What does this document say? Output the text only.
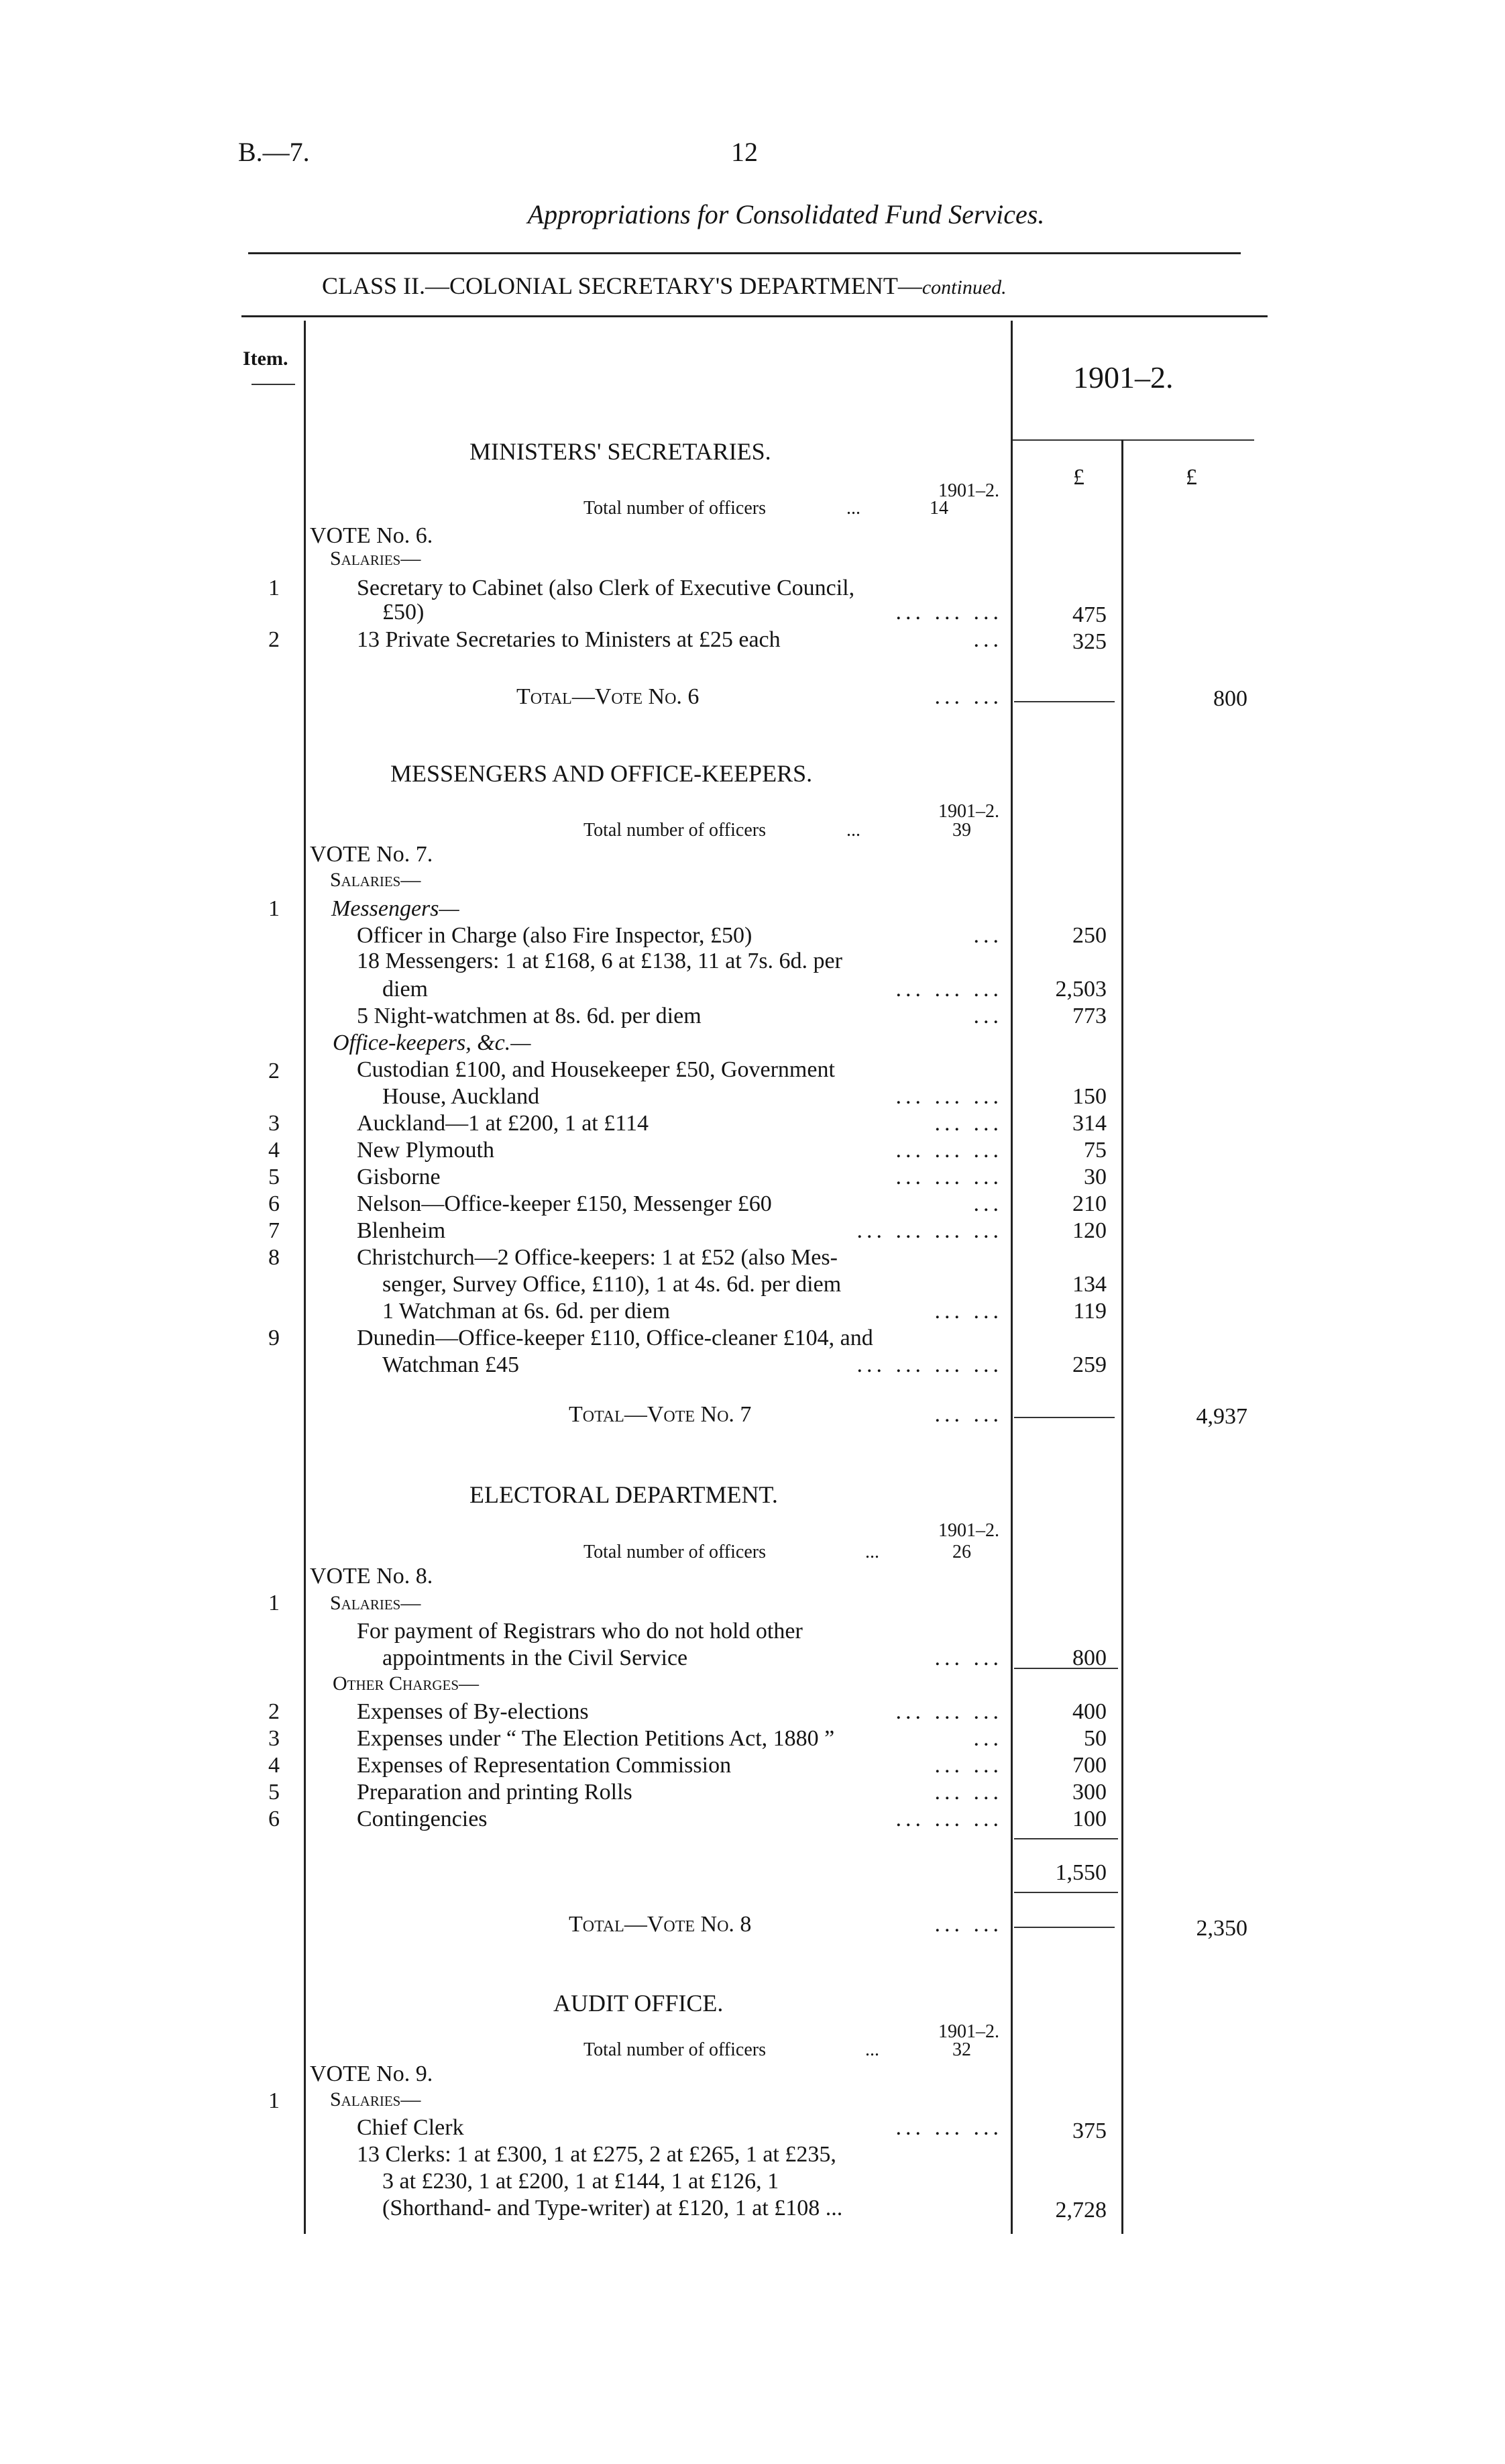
B.—7.	12
Appropriations for Consolidated Fund Services.
CLASS II.—COLONIAL SECRETARY'S DEPARTMENT—continued.
Item.
1901–2.
£	£
MINISTERS' SECRETARIES.
1901–2.
Total number of officers	...	14
VOTE No. 6.
Salaries—
1	Secretary to Cabinet (also Clerk of Executive Council,
£50)	... ... ...	475
2	13 Private Secretaries to Ministers at £25 each	...	325
Total—Vote No. 6	... ...	800
MESSENGERS AND OFFICE-KEEPERS.
1901–2.
Total number of officers	...	39
VOTE No. 7.
Salaries—
Messengers—
1
Officer in Charge (also Fire Inspector, £50)	...	250
18 Messengers: 1 at £168, 6 at £138, 11 at 7s. 6d. per
diem	... ... ...	2,503
5 Night-watchmen at 8s. 6d. per diem	...	773
Office-keepers, &c.—
2	Custodian £100, and Housekeeper £50, Government
House, Auckland	... ... ...	150
3	Auckland—1 at £200, 1 at £114	... ...	314
4	New Plymouth	... ... ...	75
5	Gisborne	... ... ...	30
6	Nelson—Office-keeper £150, Messenger £60	...	210
7	Blenheim	... ... ... ...	120
8	Christchurch—2 Office-keepers: 1 at £52 (also Mes-
senger, Survey Office, £110), 1 at 4s. 6d. per diem	134
1 Watchman at 6s. 6d. per diem	... ...	119
9	Dunedin—Office-keeper £110, Office-cleaner £104, and
Watchman £45	... ... ... ...	259
Total—Vote No. 7	... ...	4,937
ELECTORAL DEPARTMENT.
1901–2.
Total number of officers	...	26
VOTE No. 8.
Salaries—
1
For payment of Registrars who do not hold other
appointments in the Civil Service	... ...	800
Other Charges—
2	Expenses of By-elections	... ... ...	400
3	Expenses under “ The Election Petitions Act, 1880 ”	...	50
4	Expenses of Representation Commission	... ...	700
5	Preparation and printing Rolls	... ...	300
6	Contingencies	... ... ...	100
1,550
Total—Vote No. 8	... ...	2,350
AUDIT OFFICE.
1901–2.
Total number of officers	...	32
VOTE No. 9.
Salaries—
1
Chief Clerk	... ... ...	375
13 Clerks: 1 at £300, 1 at £275, 2 at £265, 1 at £235,
3 at £230, 1 at £200, 1 at £144, 1 at £126, 1
(Shorthand- and Type-writer) at £120, 1 at £108 ...	2,728
